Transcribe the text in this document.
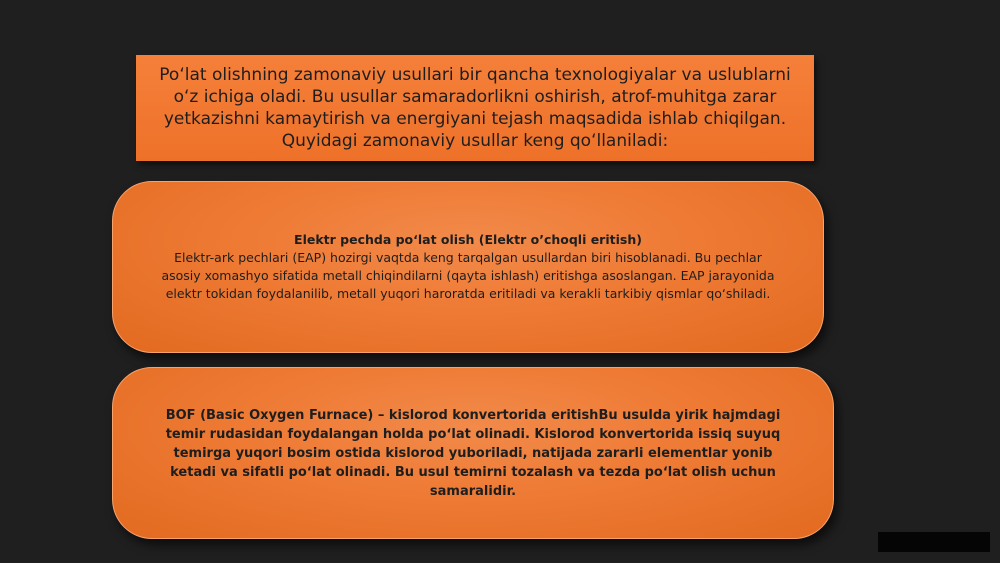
Poʻlat olishning zamonaviy usullari bir qancha texnologiyalar va uslublarni oʻz ichiga oladi. Bu usullar samaradorlikni oshirish, atrof-muhitga zarar yetkazishni kamaytirish va energiyani tejash maqsadida ishlab chiqilgan. Quyidagi zamonaviy usullar keng qoʻllaniladi:
Elektr pechda poʻlat olish (Elektr o’choqli eritish)
Elektr-ark pechlari (EAP) hozirgi vaqtda keng tarqalgan usullardan biri hisoblanadi. Bu pechlar asosiy xomashyo sifatida metall chiqindilarni (qayta ishlash) eritishga asoslangan. EAP jarayonida elektr tokidan foydalanilib, metall yuqori haroratda eritiladi va kerakli tarkibiy qismlar qoʻshiladi.
BOF (Basic Oxygen Furnace) – kislorod konvertorida eritishBu usulda yirik hajmdagi temir rudasidan foydalangan holda poʻlat olinadi. Kislorod konvertorida issiq suyuq temirga yuqori bosim ostida kislorod yuboriladi, natijada zararli elementlar yonib ketadi va sifatli poʻlat olinadi. Bu usul temirni tozalash va tezda poʻlat olish uchun samaralidir.
